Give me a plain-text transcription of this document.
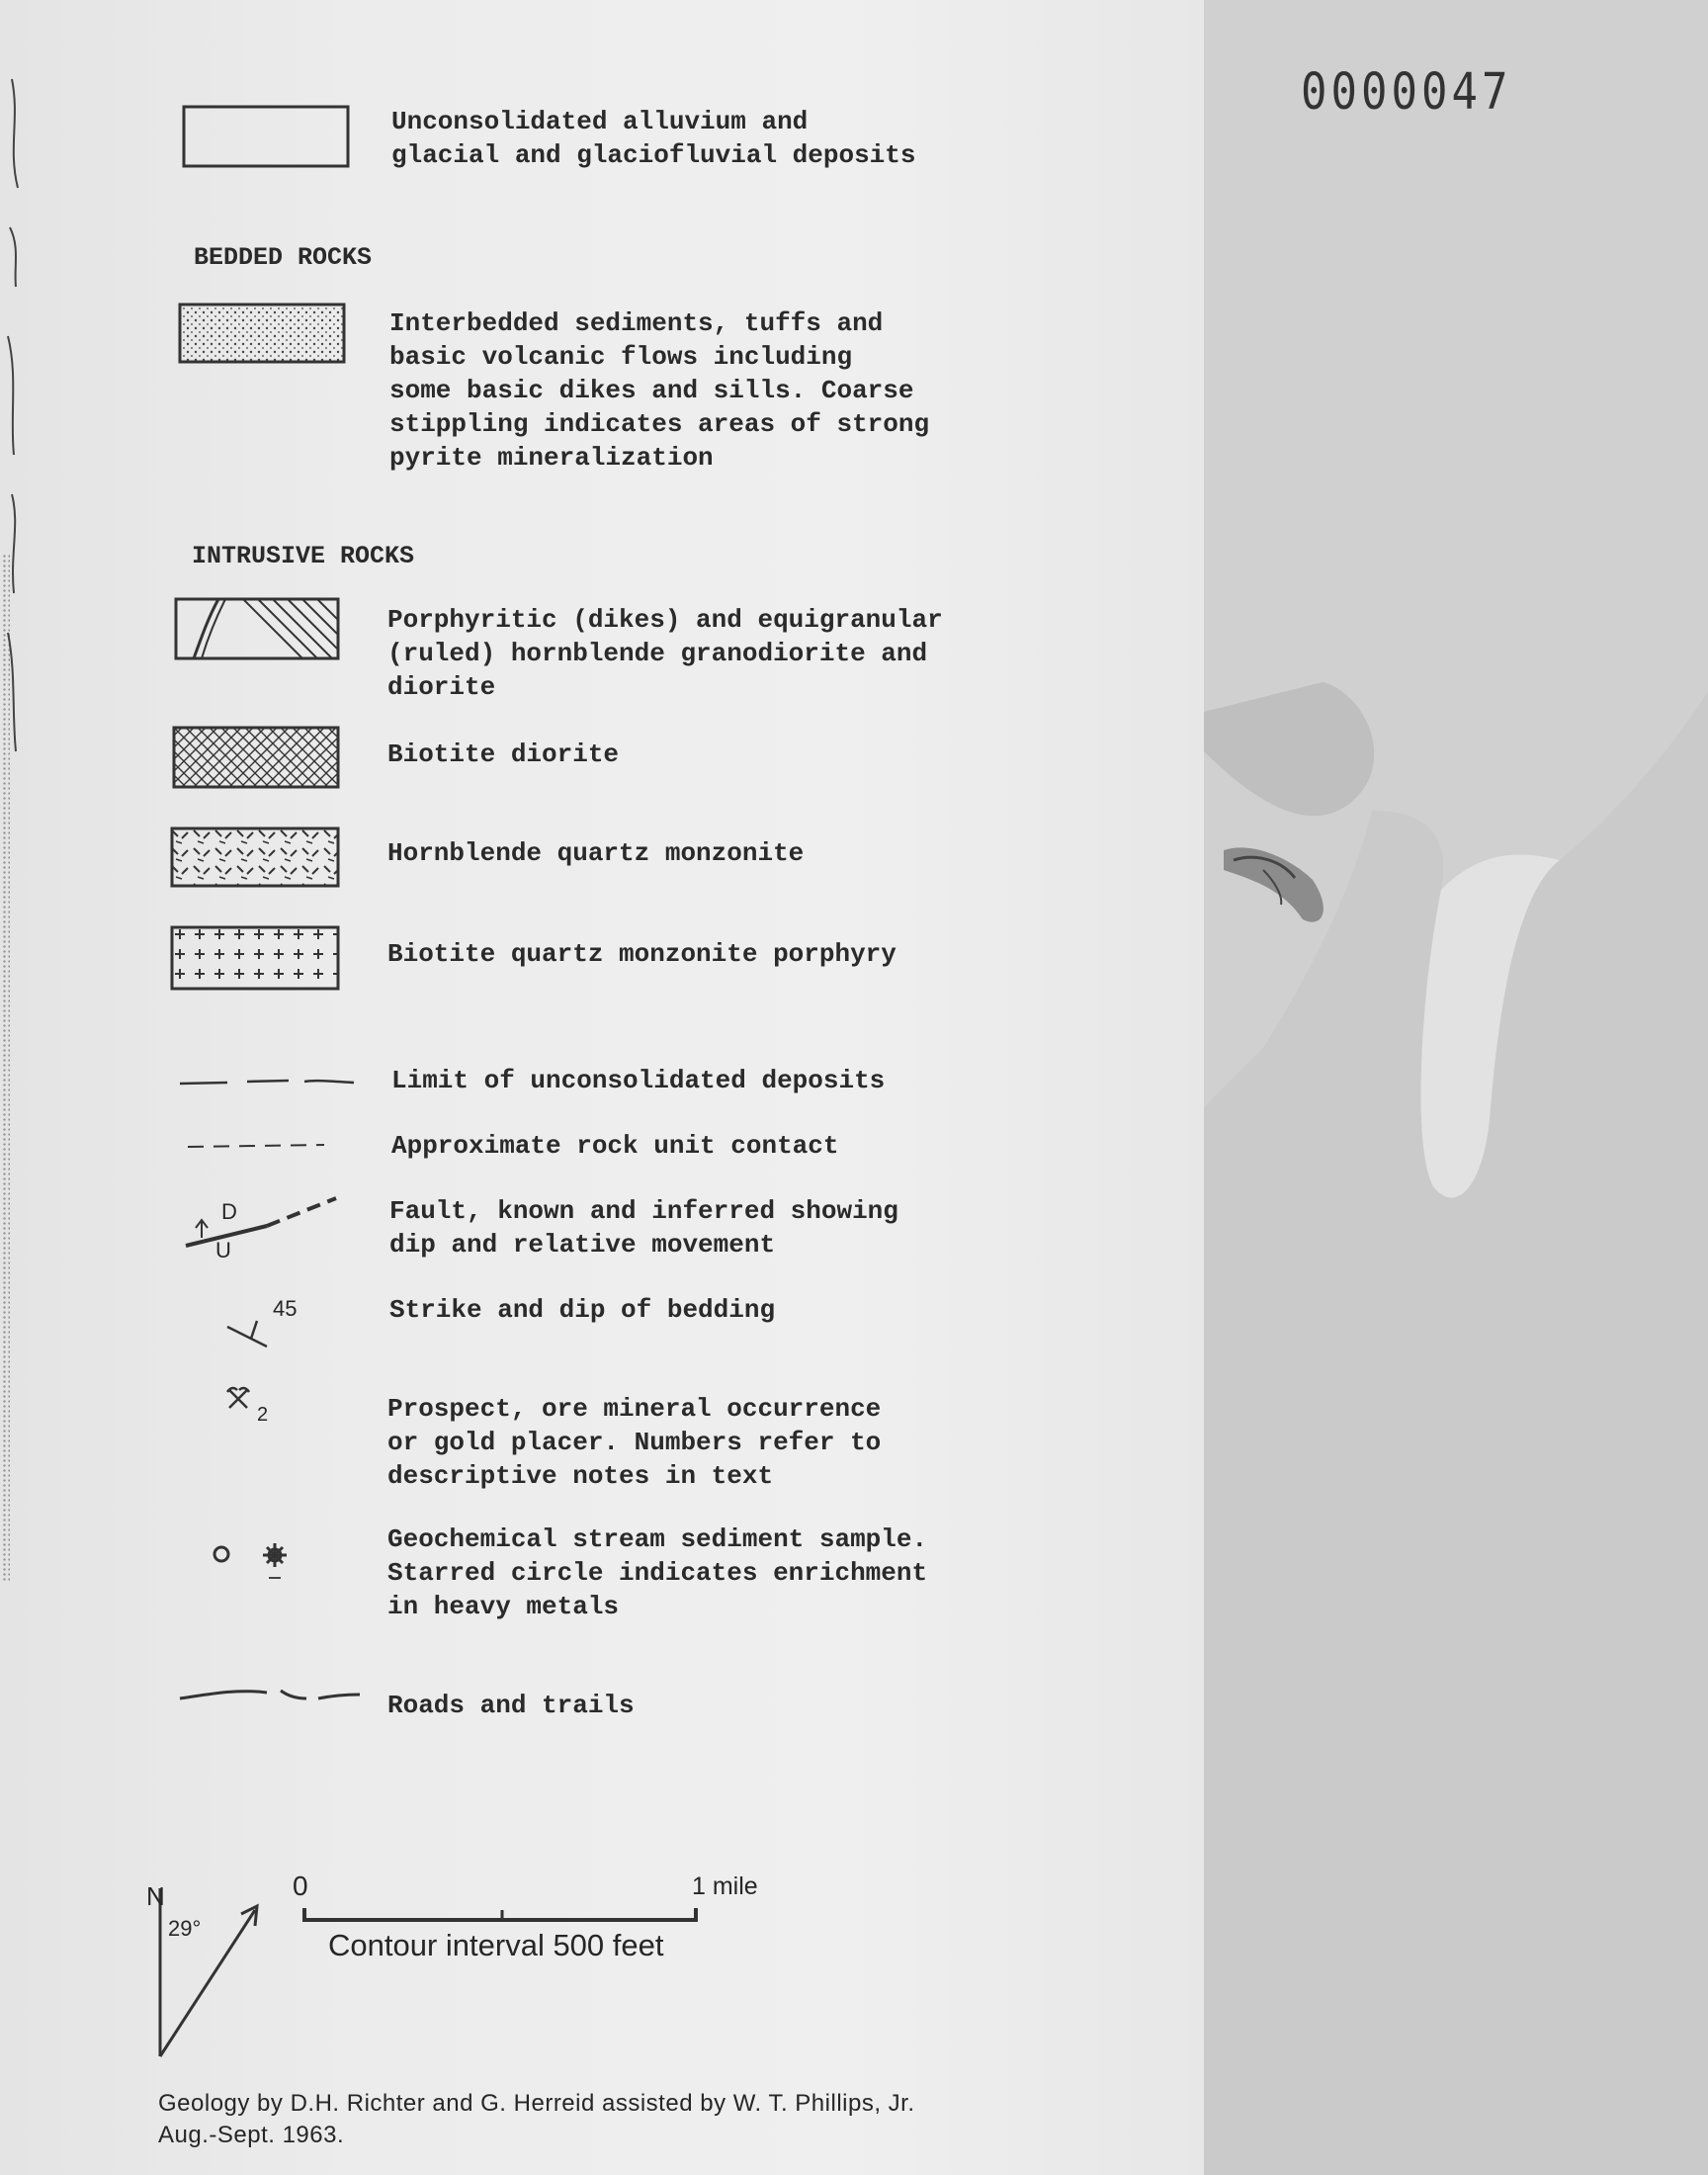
0000047
Unconsolidated alluvium and
glacial and glaciofluvial deposits
BEDDED ROCKS
Interbedded sediments, tuffs and
basic volcanic flows including
some basic dikes and sills. Coarse
stippling indicates areas of strong
pyrite mineralization
INTRUSIVE ROCKS
Porphyritic (dikes) and equigranular
(ruled) hornblende granodiorite and
diorite
Biotite diorite
Hornblende quartz monzonite
Biotite quartz monzonite porphyry
Limit of unconsolidated deposits
Approximate rock unit contact
D
U
Fault, known and inferred showing
dip and relative movement
45	Strike and dip of bedding
2	Prospect, ore mineral occurrence
or gold placer. Numbers refer to
descriptive notes in text
Geochemical stream sediment sample.
Starred circle indicates enrichment
in heavy metals
Roads and trails
N
29°
0	1 mile
Contour interval 500 feet
Geology by D.H. Richter and G. Herreid assisted by W. T. Phillips, Jr.
Aug.-Sept. 1963.
